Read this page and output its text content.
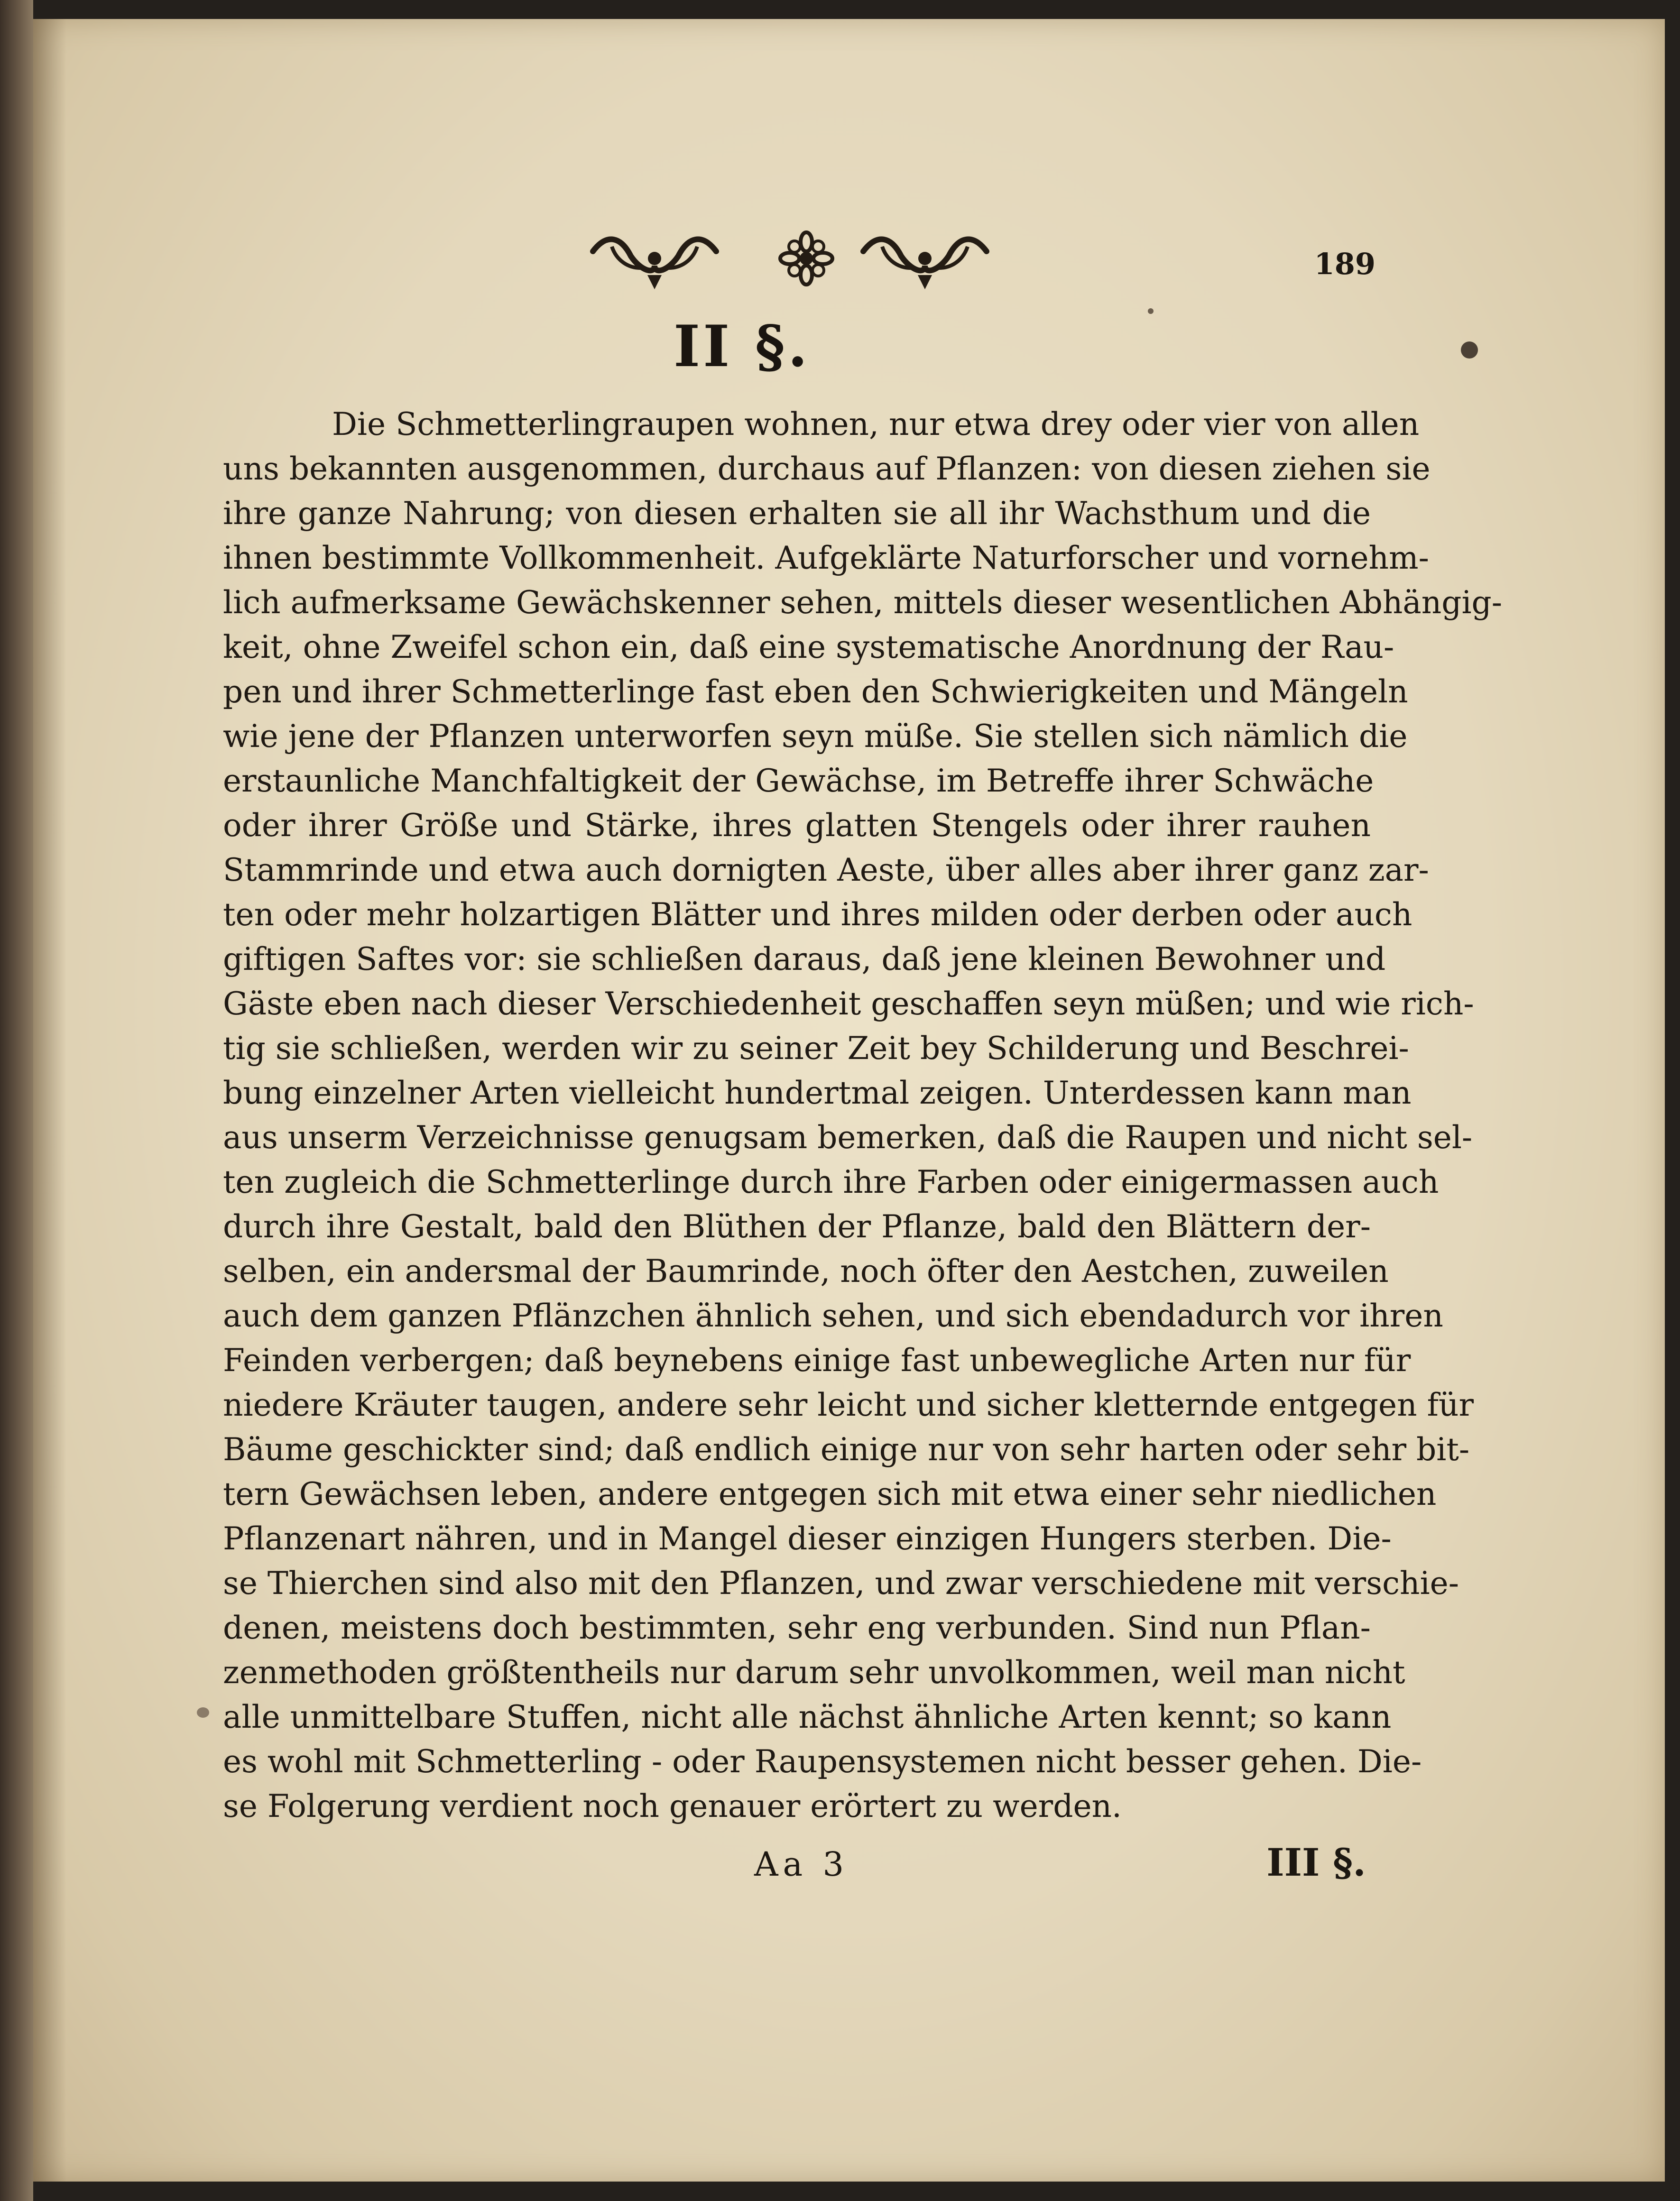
189
II §.
Die Schmetterlingraupen wohnen, nur etwa drey oder vier von allen
uns bekannten ausgenommen, durchaus auf Pflanzen: von diesen ziehen sie
ihre ganze Nahrung; von diesen erhalten sie all ihr Wachsthum und die
ihnen bestimmte Vollkommenheit. Aufgeklärte Naturforscher und vornehm-
lich aufmerksame Gewächskenner sehen, mittels dieser wesentlichen Abhängig-
keit, ohne Zweifel schon ein, daß eine systematische Anordnung der Rau-
pen und ihrer Schmetterlinge fast eben den Schwierigkeiten und Mängeln
wie jene der Pflanzen unterworfen seyn müße. Sie stellen sich nämlich die
erstaunliche Manchfaltigkeit der Gewächse, im Betreffe ihrer Schwäche
oder ihrer Größe und Stärke, ihres glatten Stengels oder ihrer rauhen
Stammrinde und etwa auch dornigten Aeste, über alles aber ihrer ganz zar-
ten oder mehr holzartigen Blätter und ihres milden oder derben oder auch
giftigen Saftes vor: sie schließen daraus, daß jene kleinen Bewohner und
Gäste eben nach dieser Verschiedenheit geschaffen seyn müßen; und wie rich-
tig sie schließen, werden wir zu seiner Zeit bey Schilderung und Beschrei-
bung einzelner Arten vielleicht hundertmal zeigen. Unterdessen kann man
aus unserm Verzeichnisse genugsam bemerken, daß die Raupen und nicht sel-
ten zugleich die Schmetterlinge durch ihre Farben oder einigermassen auch
durch ihre Gestalt, bald den Blüthen der Pflanze, bald den Blättern der-
selben, ein andersmal der Baumrinde, noch öfter den Aestchen, zuweilen
auch dem ganzen Pflänzchen ähnlich sehen, und sich ebendadurch vor ihren
Feinden verbergen; daß beynebens einige fast unbewegliche Arten nur für
niedere Kräuter taugen, andere sehr leicht und sicher kletternde entgegen für
Bäume geschickter sind; daß endlich einige nur von sehr harten oder sehr bit-
tern Gewächsen leben, andere entgegen sich mit etwa einer sehr niedlichen
Pflanzenart nähren, und in Mangel dieser einzigen Hungers sterben. Die-
se Thierchen sind also mit den Pflanzen, und zwar verschiedene mit verschie-
denen, meistens doch bestimmten, sehr eng verbunden. Sind nun Pflan-
zenmethoden größtentheils nur darum sehr unvolkommen, weil man nicht
alle unmittelbare Stuffen, nicht alle nächst ähnliche Arten kennt; so kann
es wohl mit Schmetterling - oder Raupensystemen nicht besser gehen. Die-
se Folgerung verdient noch genauer erörtert zu werden.
Aa 3	III §.
